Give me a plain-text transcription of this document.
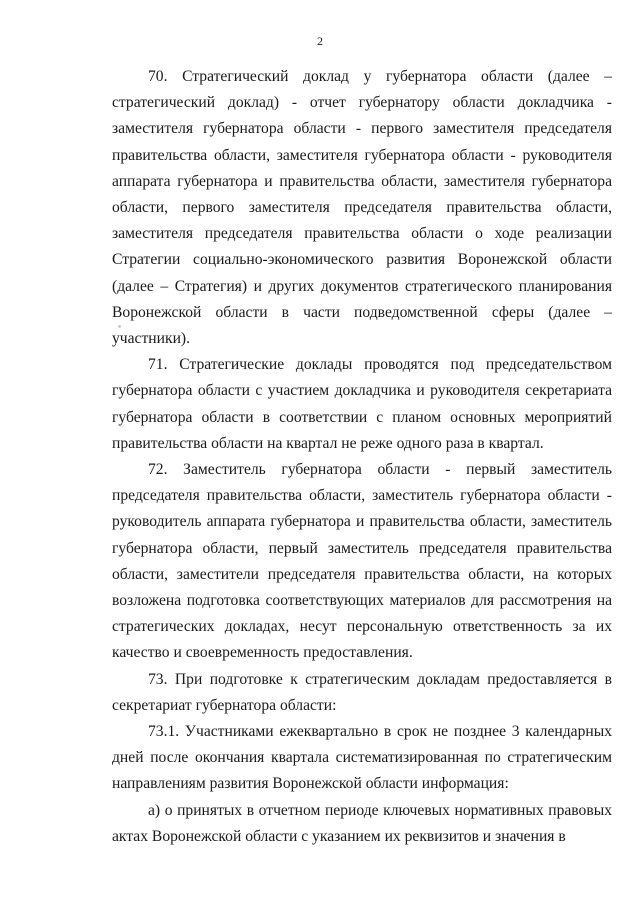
2

70. Стратегический доклад у губернатора области (далее – стратегический доклад) - отчет губернатору области докладчика - заместителя губернатора области - первого заместителя председателя правительства области, заместителя губернатора области - руководителя аппарата губернатора и правительства области, заместителя губернатора области, первого заместителя председателя правительства области, заместителя председателя правительства области о ходе реализации Стратегии социально-экономического развития Воронежской области (далее – Стратегия) и других документов стратегического планирования Воронежской области в части подведомственной сферы (далее – участники).

71. Стратегические доклады проводятся под председательством губернатора области с участием докладчика и руководителя секретариата губернатора области в соответствии с планом основных мероприятий правительства области на квартал не реже одного раза в квартал.

72. Заместитель губернатора области - первый заместитель председателя правительства области, заместитель губернатора области - руководитель аппарата губернатора и правительства области, заместитель губернатора области, первый заместитель председателя правительства области, заместители председателя правительства области, на которых возложена подготовка соответствующих материалов для рассмотрения на стратегических докладах, несут персональную ответственность за их качество и своевременность предоставления.

73. При подготовке к стратегическим докладам предоставляется в секретариат губернатора области:

73.1. Участниками ежеквартально в срок не позднее 3 календарных дней после окончания квартала систематизированная по стратегическим направлениям развития Воронежской области информация:

а) о принятых в отчетном периоде ключевых нормативных правовых актах Воронежской области с указанием их реквизитов и значения в
